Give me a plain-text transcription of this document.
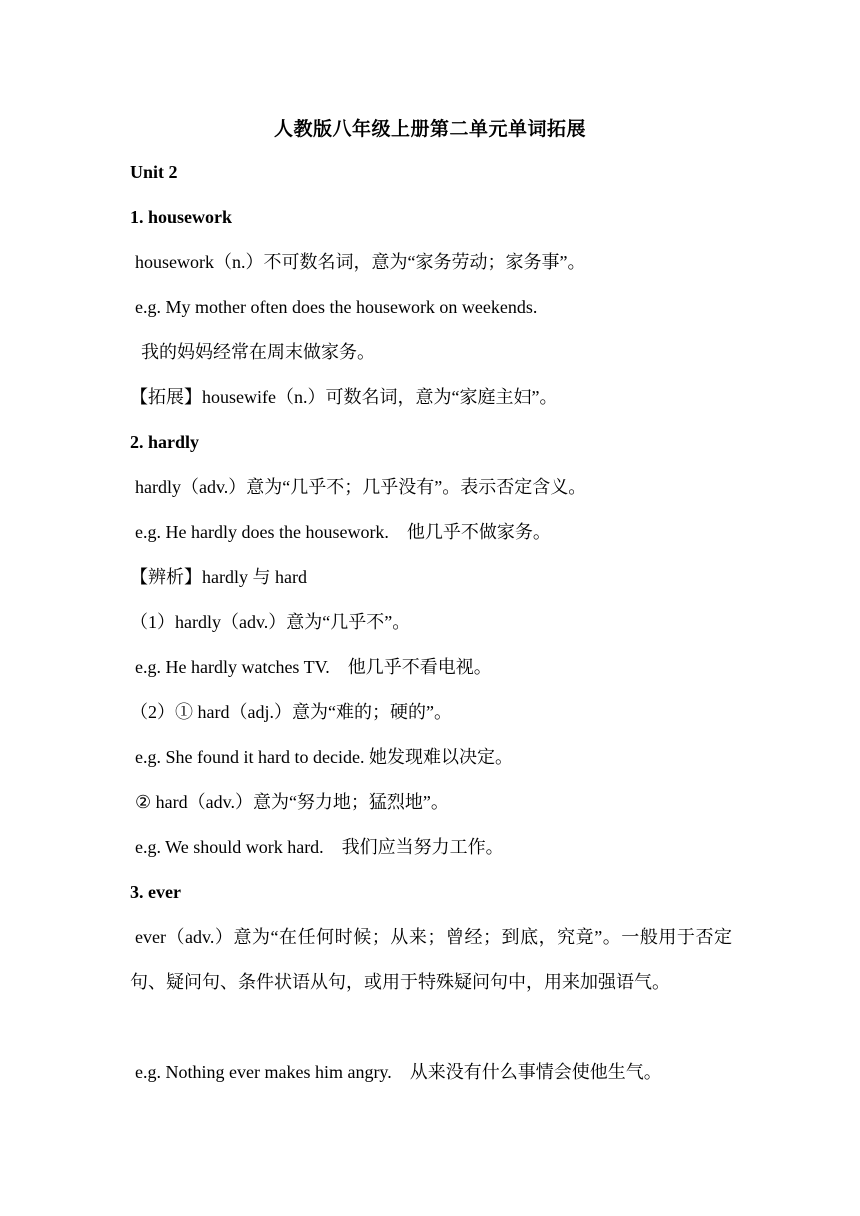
人教版八年级上册第二单元单词拓展
Unit 2
1. housework
housework（n.）不可数名词，意为“家务劳动；家务事”。
e.g. My mother often does the housework on weekends.
我的妈妈经常在周末做家务。
【拓展】housewife（n.）可数名词，意为“家庭主妇”。
2. hardly
hardly（adv.）意为“几乎不；几乎没有”。表示否定含义。
e.g. He hardly does the housework.　他几乎不做家务。
【辨析】hardly 与 hard
（1）hardly（adv.）意为“几乎不”。
e.g. He hardly watches TV.　他几乎不看电视。
（2）① hard（adj.）意为“难的；硬的”。
e.g. She found it hard to decide. 她发现难以决定。
② hard（adv.）意为“努力地；猛烈地”。
e.g. We should work hard.　我们应当努力工作。
3. ever
ever（adv.）意为“在任何时候；从来；曾经；到底，究竟”。一般用于否定句、疑问句、条件状语从句，或用于特殊疑问句中，用来加强语气。
e.g. Nothing ever makes him angry.　从来没有什么事情会使他生气。
